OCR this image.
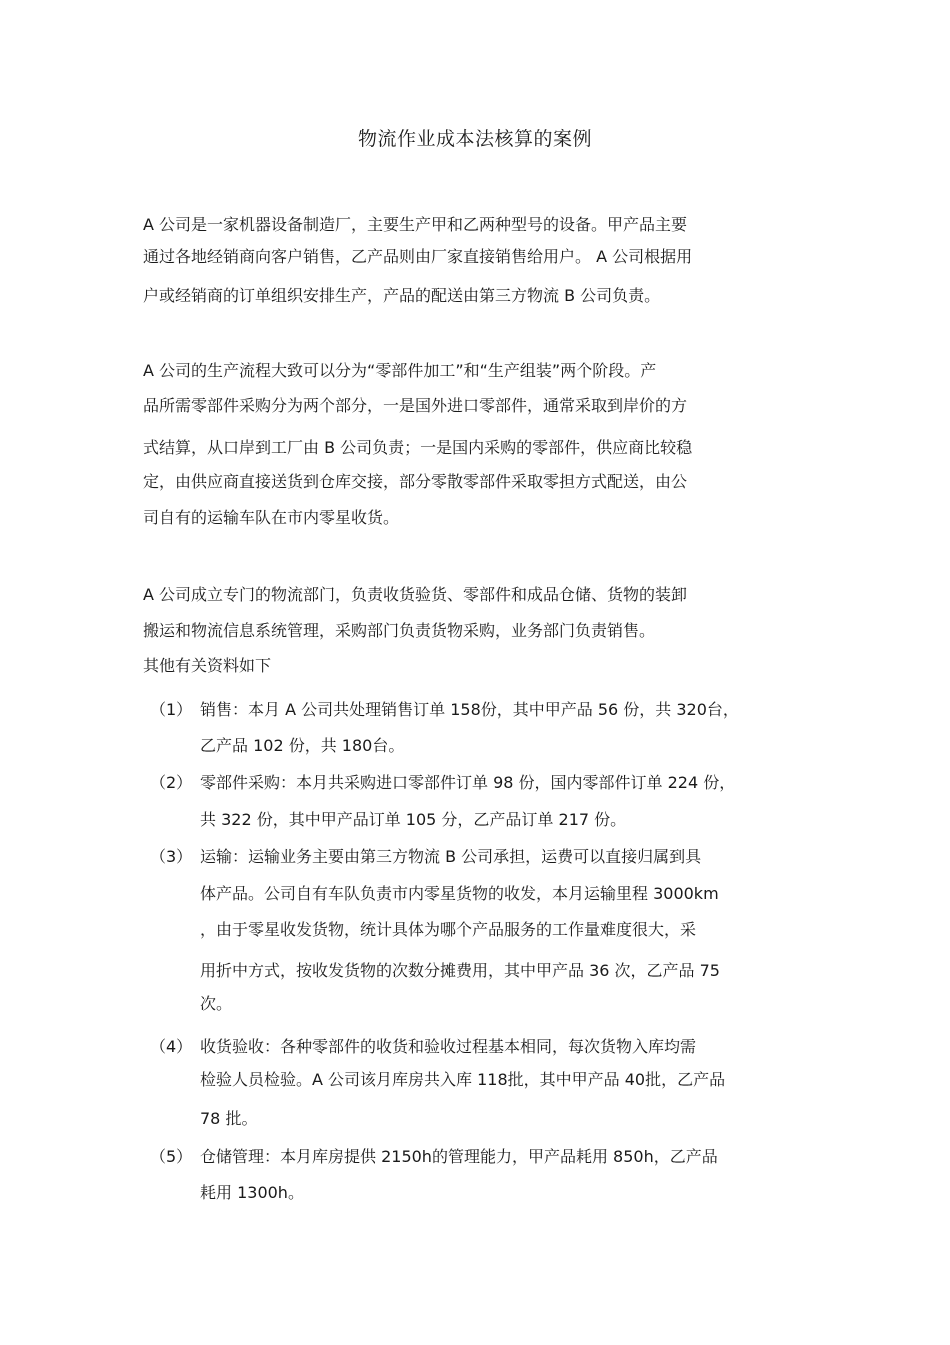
物流作业成本法核算的案例
A 公司是一家机器设备制造厂，主要生产甲和乙两种型号的设备。甲产品主要
通过各地经销商向客户销售，乙产品则由厂家直接销售给用户。 A 公司根据用
户或经销商的订单组织安排生产，产品的配送由第三方物流 B 公司负责。
A 公司的生产流程大致可以分为“零部件加工”和“生产组装”两个阶段。产
品所需零部件采购分为两个部分，一是国外进口零部件，通常采取到岸价的方
式结算，从口岸到工厂由 B 公司负责；一是国内采购的零部件，供应商比较稳
定，由供应商直接送货到仓库交接，部分零散零部件采取零担方式配送，由公
司自有的运输车队在市内零星收货。
A 公司成立专门的物流部门，负责收货验货、零部件和成品仓储、货物的装卸
搬运和物流信息系统管理，采购部门负责货物采购，业务部门负责销售。
其他有关资料如下
（1） 销售：本月 A 公司共处理销售订单 158份，其中甲产品 56 份，共 320台，
乙产品 102 份，共 180台。
（2） 零部件采购：本月共采购进口零部件订单 98 份，国内零部件订单 224 份，
共 322 份，其中甲产品订单 105 分，乙产品订单 217 份。
（3） 运输：运输业务主要由第三方物流 B 公司承担，运费可以直接归属到具
体产品。公司自有车队负责市内零星货物的收发，本月运输里程 3000km
，由于零星收发货物，统计具体为哪个产品服务的工作量难度很大，采
用折中方式，按收发货物的次数分摊费用，其中甲产品 36 次，乙产品 75
次。
（4） 收货验收：各种零部件的收货和验收过程基本相同，每次货物入库均需
检验人员检验。A 公司该月库房共入库 118批，其中甲产品 40批，乙产品
78 批。
（5） 仓储管理：本月库房提供 2150h的管理能力，甲产品耗用 850h，乙产品
耗用 1300h。
